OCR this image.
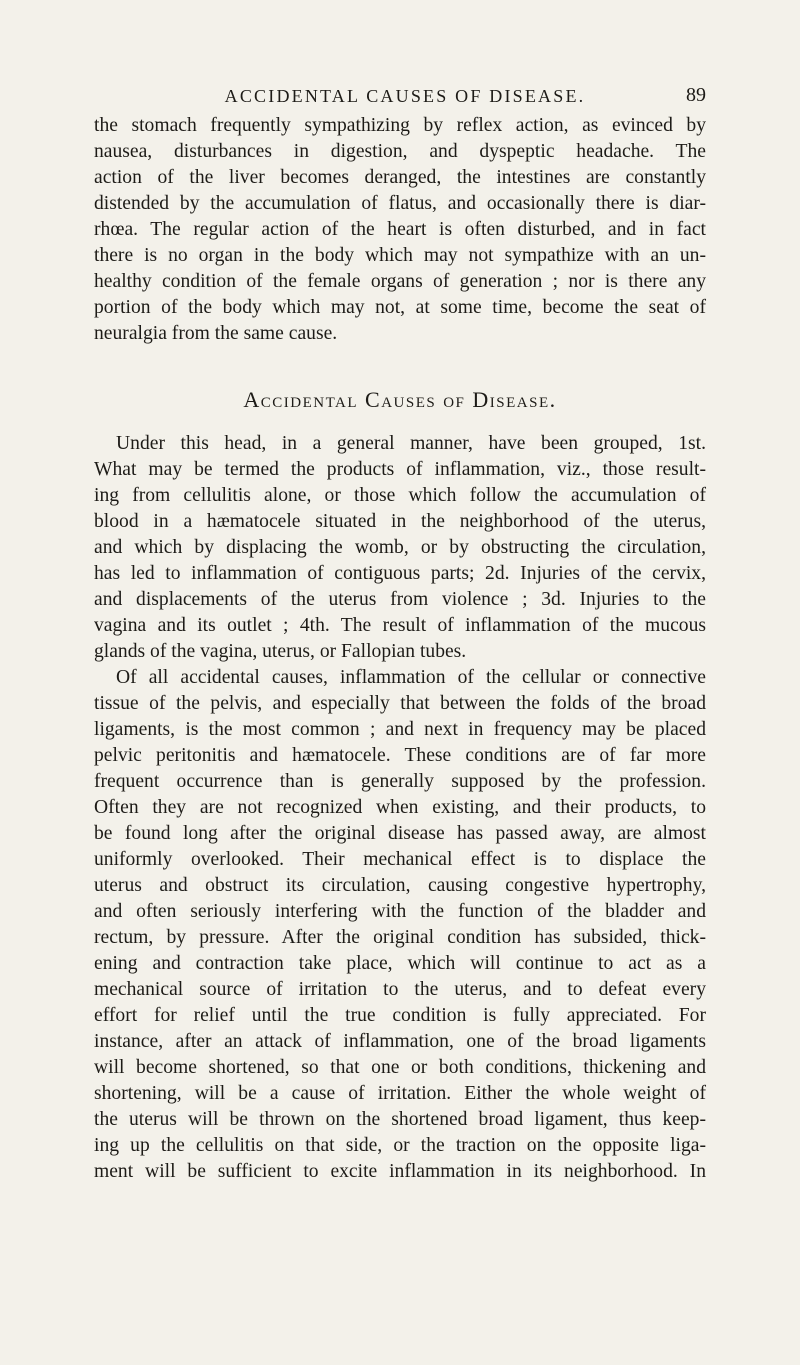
ACCIDENTAL CAUSES OF DISEASE.	89
the stomach frequently sympathizing by reflex action, as evinced by
nausea, disturbances in digestion, and dyspeptic headache. The
action of the liver becomes deranged, the intestines are constantly
distended by the accumulation of flatus, and occasionally there is diar-
rhœa. The regular action of the heart is often disturbed, and in fact
there is no organ in the body which may not sympathize with an un-
healthy condition of the female organs of generation ; nor is there any
portion of the body which may not, at some time, become the seat of
neuralgia from the same cause.
Accidental Causes of Disease.
Under this head, in a general manner, have been grouped, 1st.
What may be termed the products of inflammation, viz., those result-
ing from cellulitis alone, or those which follow the accumulation of
blood in a hæmatocele situated in the neighborhood of the uterus,
and which by displacing the womb, or by obstructing the circulation,
has led to inflammation of contiguous parts; 2d. Injuries of the cervix,
and displacements of the uterus from violence ; 3d. Injuries to the
vagina and its outlet ; 4th. The result of inflammation of the mucous
glands of the vagina, uterus, or Fallopian tubes.
Of all accidental causes, inflammation of the cellular or connective
tissue of the pelvis, and especially that between the folds of the broad
ligaments, is the most common ; and next in frequency may be placed
pelvic peritonitis and hæmatocele. These conditions are of far more
frequent occurrence than is generally supposed by the profession.
Often they are not recognized when existing, and their products, to
be found long after the original disease has passed away, are almost
uniformly overlooked. Their mechanical effect is to displace the
uterus and obstruct its circulation, causing congestive hypertrophy,
and often seriously interfering with the function of the bladder and
rectum, by pressure. After the original condition has subsided, thick-
ening and contraction take place, which will continue to act as a
mechanical source of irritation to the uterus, and to defeat every
effort for relief until the true condition is fully appreciated. For
instance, after an attack of inflammation, one of the broad ligaments
will become shortened, so that one or both conditions, thickening and
shortening, will be a cause of irritation. Either the whole weight of
the uterus will be thrown on the shortened broad ligament, thus keep-
ing up the cellulitis on that side, or the traction on the opposite liga-
ment will be sufficient to excite inflammation in its neighborhood. In
